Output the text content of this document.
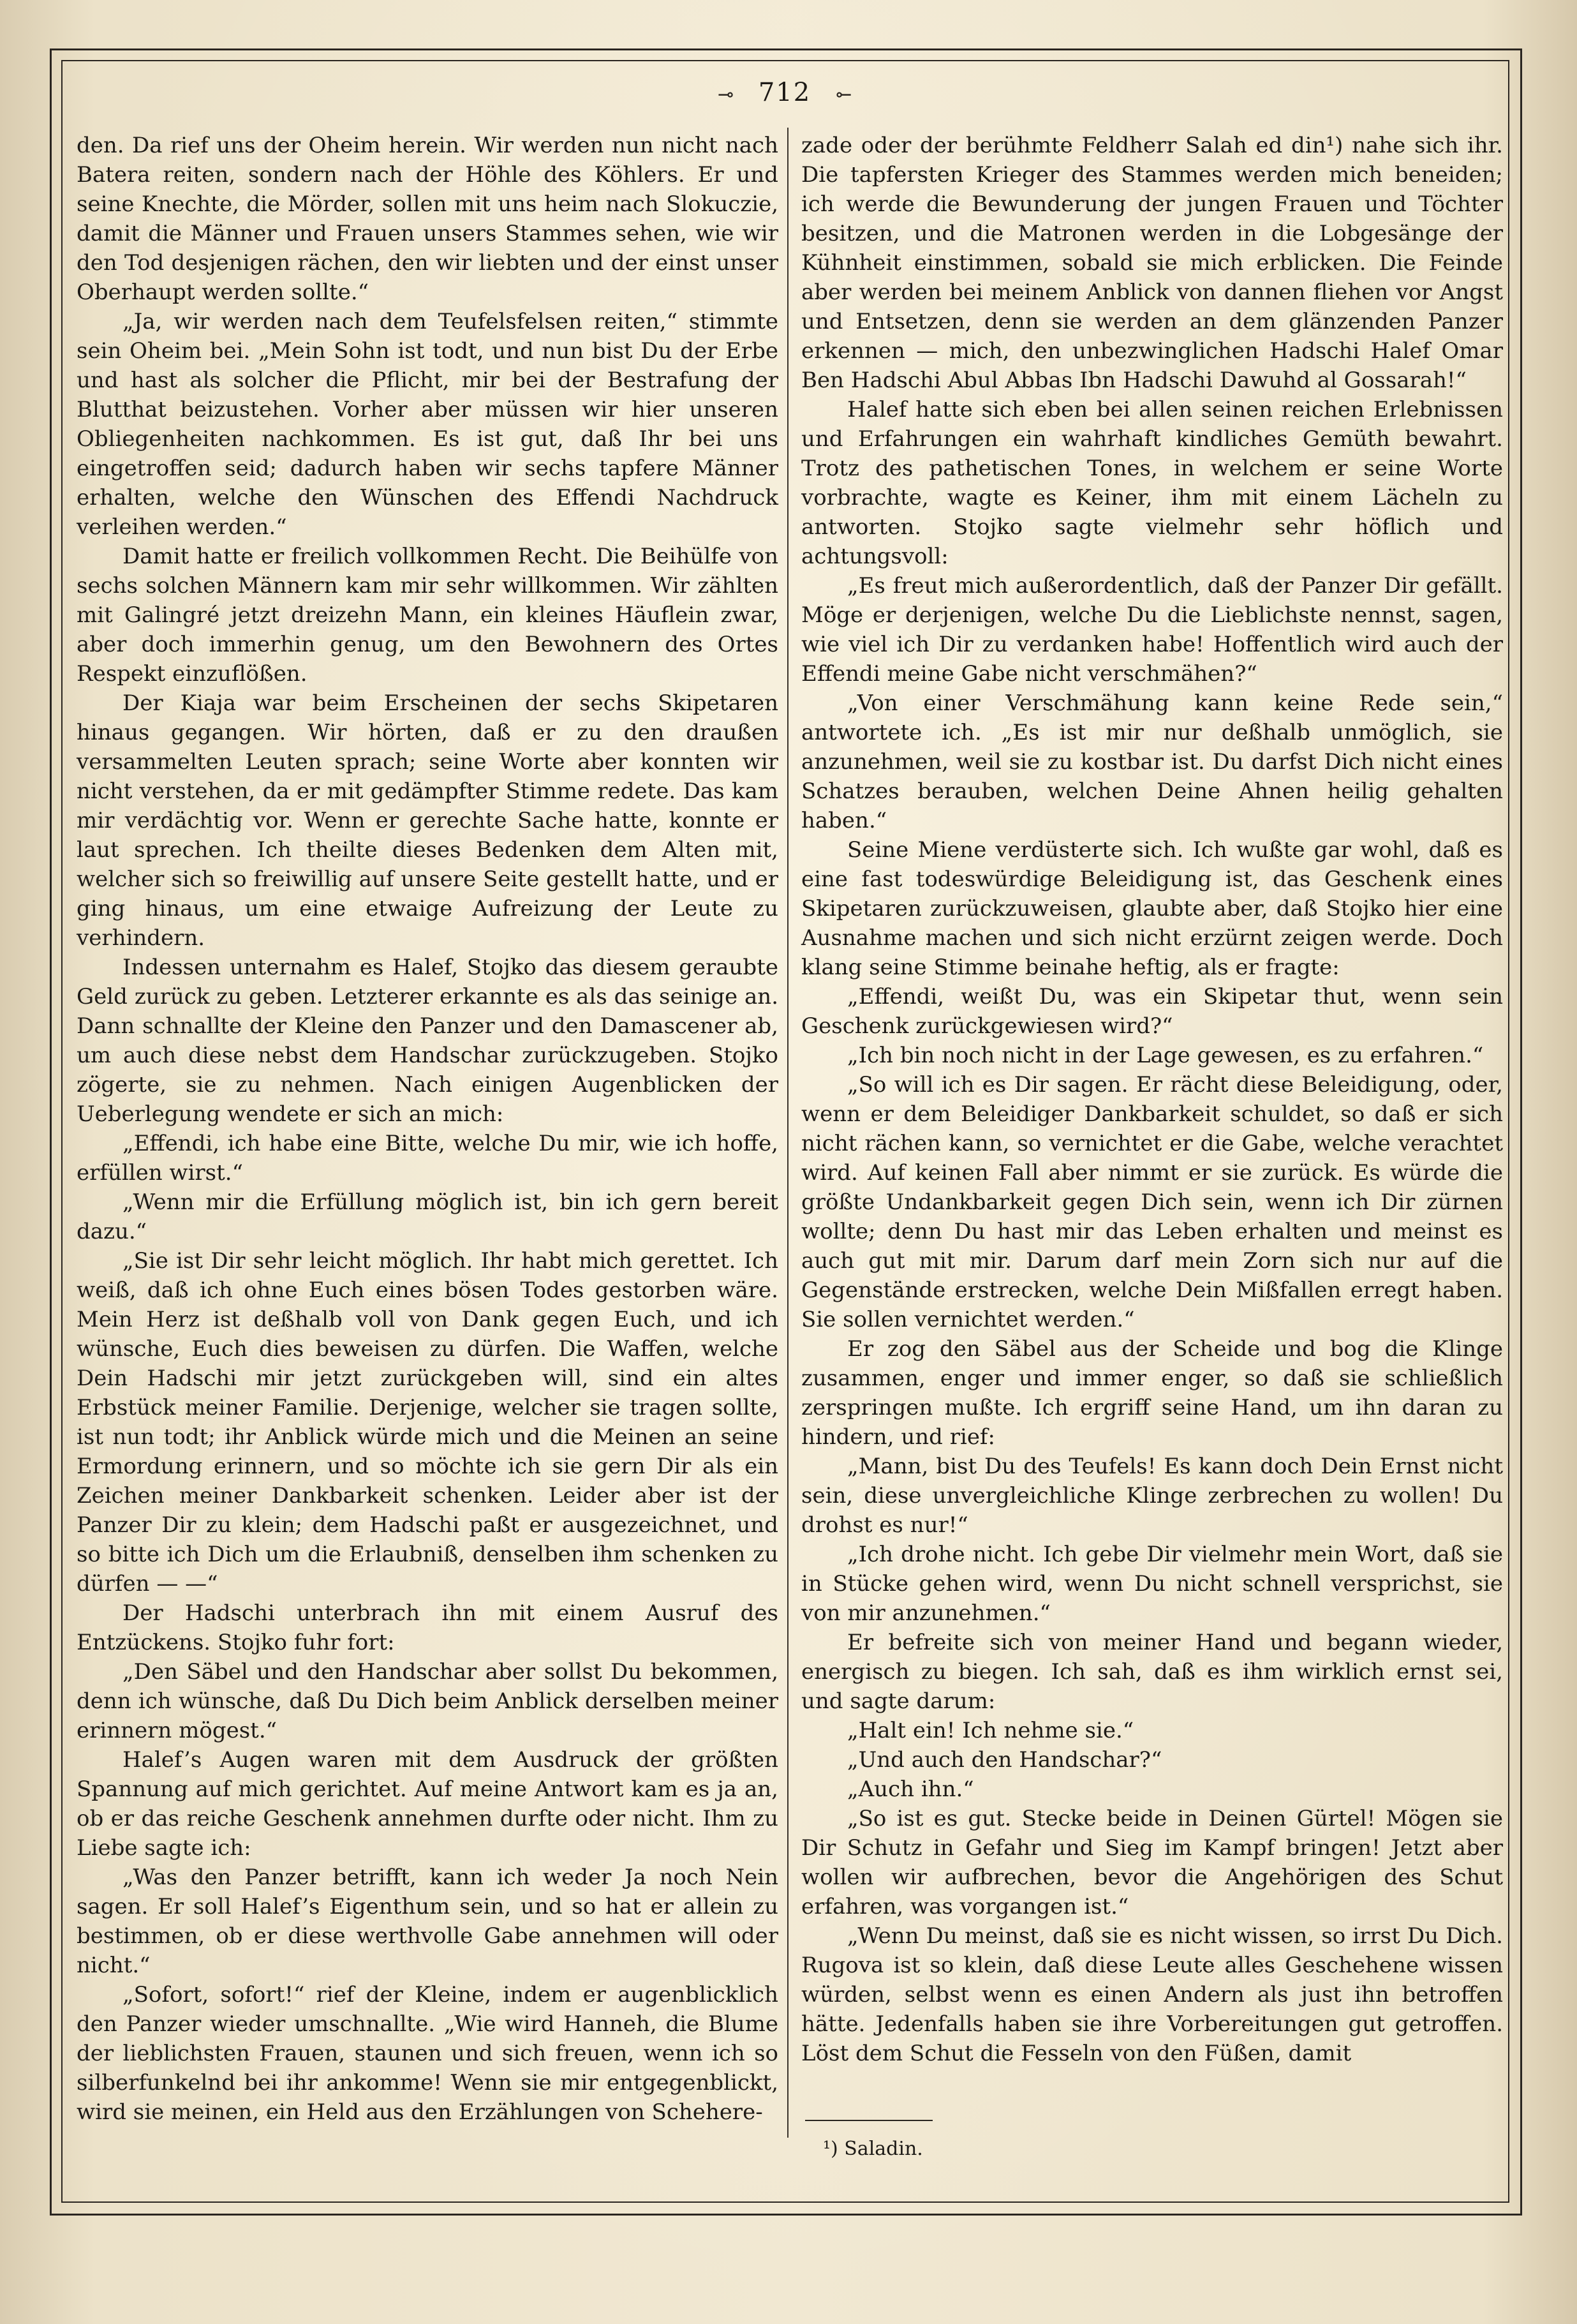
⊸ 712 ⊸

den. Da rief uns der Oheim herein. Wir werden nun nicht nach Batera reiten, sondern nach der Höhle des Köhlers. Er und seine Knechte, die Mörder, sollen mit uns heim nach Slokuczie, damit die Männer und Frauen unsers Stammes sehen, wie wir den Tod desjenigen rächen, den wir liebten und der einst unser Oberhaupt werden sollte.“

„Ja, wir werden nach dem Teufelsfelsen reiten,“ stimmte sein Oheim bei. „Mein Sohn ist todt, und nun bist Du der Erbe und hast als solcher die Pflicht, mir bei der Bestrafung der Blutthat beizustehen. Vorher aber müssen wir hier unseren Obliegenheiten nachkommen. Es ist gut, daß Ihr bei uns eingetroffen seid; dadurch haben wir sechs tapfere Männer erhalten, welche den Wünschen des Effendi Nachdruck verleihen werden.“

Damit hatte er freilich vollkommen Recht. Die Beihülfe von sechs solchen Männern kam mir sehr willkommen. Wir zählten mit Galingré jetzt dreizehn Mann, ein kleines Häuflein zwar, aber doch immerhin genug, um den Bewohnern des Ortes Respekt einzuflößen.

Der Kiaja war beim Erscheinen der sechs Skipetaren hinaus gegangen. Wir hörten, daß er zu den draußen versammelten Leuten sprach; seine Worte aber konnten wir nicht verstehen, da er mit gedämpfter Stimme redete. Das kam mir verdächtig vor. Wenn er gerechte Sache hatte, konnte er laut sprechen. Ich theilte dieses Bedenken dem Alten mit, welcher sich so freiwillig auf unsere Seite gestellt hatte, und er ging hinaus, um eine etwaige Aufreizung der Leute zu verhindern.

Indessen unternahm es Halef, Stojko das diesem geraubte Geld zurück zu geben. Letzterer erkannte es als das seinige an. Dann schnallte der Kleine den Panzer und den Damascener ab, um auch diese nebst dem Handschar zurückzugeben. Stojko zögerte, sie zu nehmen. Nach einigen Augenblicken der Ueberlegung wendete er sich an mich:

„Effendi, ich habe eine Bitte, welche Du mir, wie ich hoffe, erfüllen wirst.“

„Wenn mir die Erfüllung möglich ist, bin ich gern bereit dazu.“

„Sie ist Dir sehr leicht möglich. Ihr habt mich gerettet. Ich weiß, daß ich ohne Euch eines bösen Todes gestorben wäre. Mein Herz ist deßhalb voll von Dank gegen Euch, und ich wünsche, Euch dies beweisen zu dürfen. Die Waffen, welche Dein Hadschi mir jetzt zurückgeben will, sind ein altes Erbstück meiner Familie. Derjenige, welcher sie tragen sollte, ist nun todt; ihr Anblick würde mich und die Meinen an seine Ermordung erinnern, und so möchte ich sie gern Dir als ein Zeichen meiner Dankbarkeit schenken. Leider aber ist der Panzer Dir zu klein; dem Hadschi paßt er ausgezeichnet, und so bitte ich Dich um die Erlaubniß, denselben ihm schenken zu dürfen — —“

Der Hadschi unterbrach ihn mit einem Ausruf des Entzückens. Stojko fuhr fort:

„Den Säbel und den Handschar aber sollst Du bekommen, denn ich wünsche, daß Du Dich beim Anblick derselben meiner erinnern mögest.“

Halef’s Augen waren mit dem Ausdruck der größten Spannung auf mich gerichtet. Auf meine Antwort kam es ja an, ob er das reiche Geschenk annehmen durfte oder nicht. Ihm zu Liebe sagte ich:

„Was den Panzer betrifft, kann ich weder Ja noch Nein sagen. Er soll Halef’s Eigenthum sein, und so hat er allein zu bestimmen, ob er diese werthvolle Gabe annehmen will oder nicht.“

„Sofort, sofort!“ rief der Kleine, indem er augenblicklich den Panzer wieder umschnallte. „Wie wird Hanneh, die Blume der lieblichsten Frauen, staunen und sich freuen, wenn ich so silberfunkelnd bei ihr ankomme! Wenn sie mir entgegenblickt, wird sie meinen, ein Held aus den Erzählungen von Schehere-

zade oder der berühmte Feldherr Salah ed din¹) nahe sich ihr. Die tapfersten Krieger des Stammes werden mich beneiden; ich werde die Bewunderung der jungen Frauen und Töchter besitzen, und die Matronen werden in die Lobgesänge der Kühnheit einstimmen, sobald sie mich erblicken. Die Feinde aber werden bei meinem Anblick von dannen fliehen vor Angst und Entsetzen, denn sie werden an dem glänzenden Panzer erkennen — mich, den unbezwinglichen Hadschi Halef Omar Ben Hadschi Abul Abbas Ibn Hadschi Dawuhd al Gossarah!“

Halef hatte sich eben bei allen seinen reichen Erlebnissen und Erfahrungen ein wahrhaft kindliches Gemüth bewahrt. Trotz des pathetischen Tones, in welchem er seine Worte vorbrachte, wagte es Keiner, ihm mit einem Lächeln zu antworten. Stojko sagte vielmehr sehr höflich und achtungsvoll:

„Es freut mich außerordentlich, daß der Panzer Dir gefällt. Möge er derjenigen, welche Du die Lieblichste nennst, sagen, wie viel ich Dir zu verdanken habe! Hoffentlich wird auch der Effendi meine Gabe nicht verschmähen?“

„Von einer Verschmähung kann keine Rede sein,“ antwortete ich. „Es ist mir nur deßhalb unmöglich, sie anzunehmen, weil sie zu kostbar ist. Du darfst Dich nicht eines Schatzes berauben, welchen Deine Ahnen heilig gehalten haben.“

Seine Miene verdüsterte sich. Ich wußte gar wohl, daß es eine fast todeswürdige Beleidigung ist, das Geschenk eines Skipetaren zurückzuweisen, glaubte aber, daß Stojko hier eine Ausnahme machen und sich nicht erzürnt zeigen werde. Doch klang seine Stimme beinahe heftig, als er fragte:

„Effendi, weißt Du, was ein Skipetar thut, wenn sein Geschenk zurückgewiesen wird?“

„Ich bin noch nicht in der Lage gewesen, es zu erfahren.“

„So will ich es Dir sagen. Er rächt diese Beleidigung, oder, wenn er dem Beleidiger Dankbarkeit schuldet, so daß er sich nicht rächen kann, so vernichtet er die Gabe, welche verachtet wird. Auf keinen Fall aber nimmt er sie zurück. Es würde die größte Undankbarkeit gegen Dich sein, wenn ich Dir zürnen wollte; denn Du hast mir das Leben erhalten und meinst es auch gut mit mir. Darum darf mein Zorn sich nur auf die Gegenstände erstrecken, welche Dein Mißfallen erregt haben. Sie sollen vernichtet werden.“

Er zog den Säbel aus der Scheide und bog die Klinge zusammen, enger und immer enger, so daß sie schließlich zerspringen mußte. Ich ergriff seine Hand, um ihn daran zu hindern, und rief:

„Mann, bist Du des Teufels! Es kann doch Dein Ernst nicht sein, diese unvergleichliche Klinge zerbrechen zu wollen! Du drohst es nur!“

„Ich drohe nicht. Ich gebe Dir vielmehr mein Wort, daß sie in Stücke gehen wird, wenn Du nicht schnell versprichst, sie von mir anzunehmen.“

Er befreite sich von meiner Hand und begann wieder, energisch zu biegen. Ich sah, daß es ihm wirklich ernst sei, und sagte darum:

„Halt ein! Ich nehme sie.“

„Und auch den Handschar?“

„Auch ihn.“

„So ist es gut. Stecke beide in Deinen Gürtel! Mögen sie Dir Schutz in Gefahr und Sieg im Kampf bringen! Jetzt aber wollen wir aufbrechen, bevor die Angehörigen des Schut erfahren, was vorgangen ist.“

„Wenn Du meinst, daß sie es nicht wissen, so irrst Du Dich. Rugova ist so klein, daß diese Leute alles Geschehene wissen würden, selbst wenn es einen Andern als just ihn betroffen hätte. Jedenfalls haben sie ihre Vorbereitungen gut getroffen. Löst dem Schut die Fesseln von den Füßen, damit

¹) Saladin.
